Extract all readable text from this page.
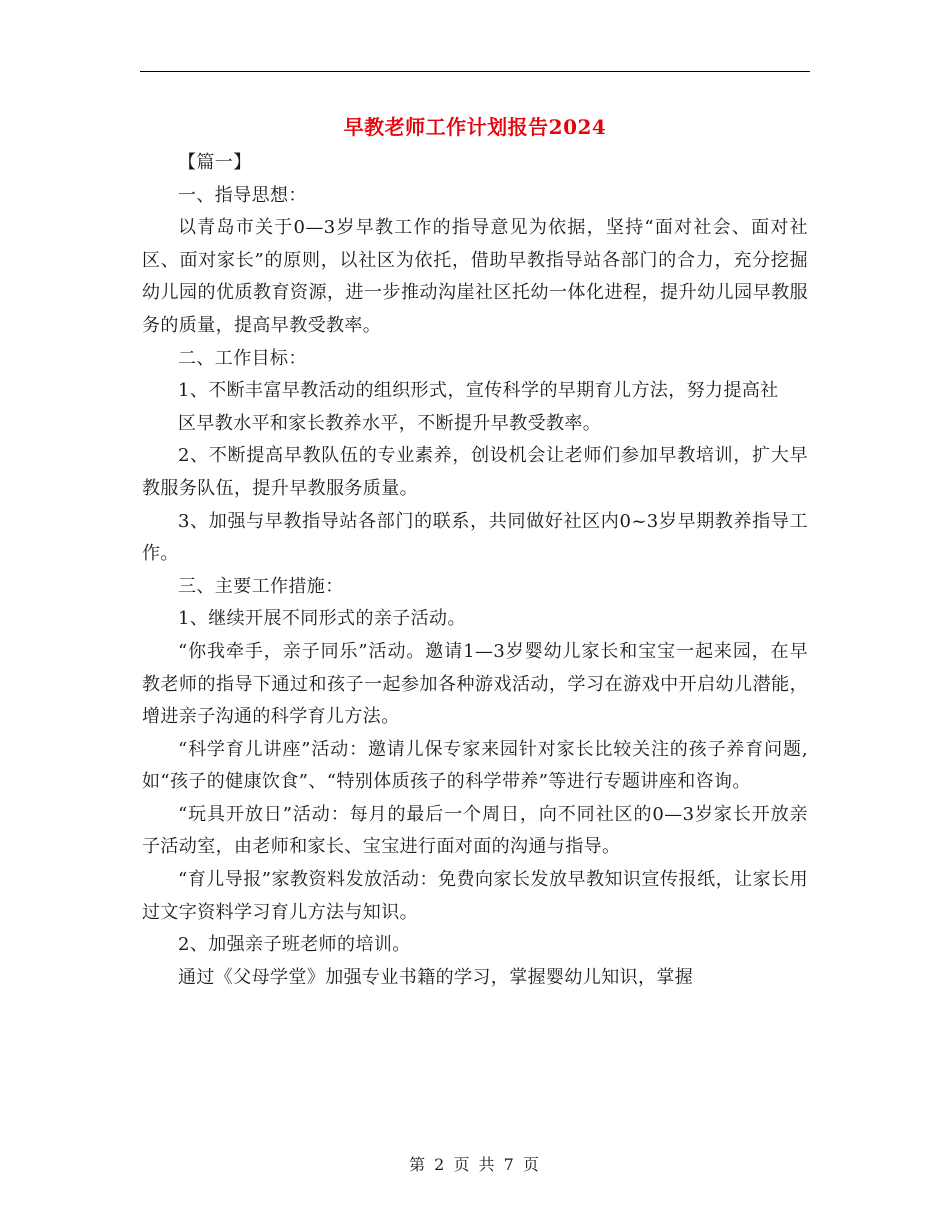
早教老师工作计划报告2024

【篇一】

一、指导思想：

以青岛市关于0—3岁早教工作的指导意见为依据，坚持“面对社会、面对社区、面对家长”的原则，以社区为依托，借助早教指导站各部门的合力，充分挖掘幼儿园的优质教育资源，进一步推动沟崖社区托幼一体化进程，提升幼儿园早教服务的质量，提高早教受教率。

二、工作目标：

1、不断丰富早教活动的组织形式，宣传科学的早期育儿方法，努力提高社

区早教水平和家长教养水平，不断提升早教受教率。

2、不断提高早教队伍的专业素养，创设机会让老师们参加早教培训，扩大早教服务队伍，提升早教服务质量。

3、加强与早教指导站各部门的联系，共同做好社区内0~3岁早期教养指导工作。

三、主要工作措施：

1、继续开展不同形式的亲子活动。

“你我牵手，亲子同乐”活动。邀请1—3岁婴幼儿家长和宝宝一起来园，在早教老师的指导下通过和孩子一起参加各种游戏活动，学习在游戏中开启幼儿潜能，增进亲子沟通的科学育儿方法。

“科学育儿讲座”活动：邀请儿保专家来园针对家长比较关注的孩子养育问题,如“孩子的健康饮食”、“特别体质孩子的科学带养”等进行专题讲座和咨询。

“玩具开放日”活动：每月的最后一个周日，向不同社区的0—3岁家长开放亲子活动室，由老师和家长、宝宝进行面对面的沟通与指导。

“育儿导报”家教资料发放活动：免费向家长发放早教知识宣传报纸，让家长用过文字资料学习育儿方法与知识。

2、加强亲子班老师的培训。

通过《父母学堂》加强专业书籍的学习，掌握婴幼儿知识，掌握

第 2 页 共 7 页
